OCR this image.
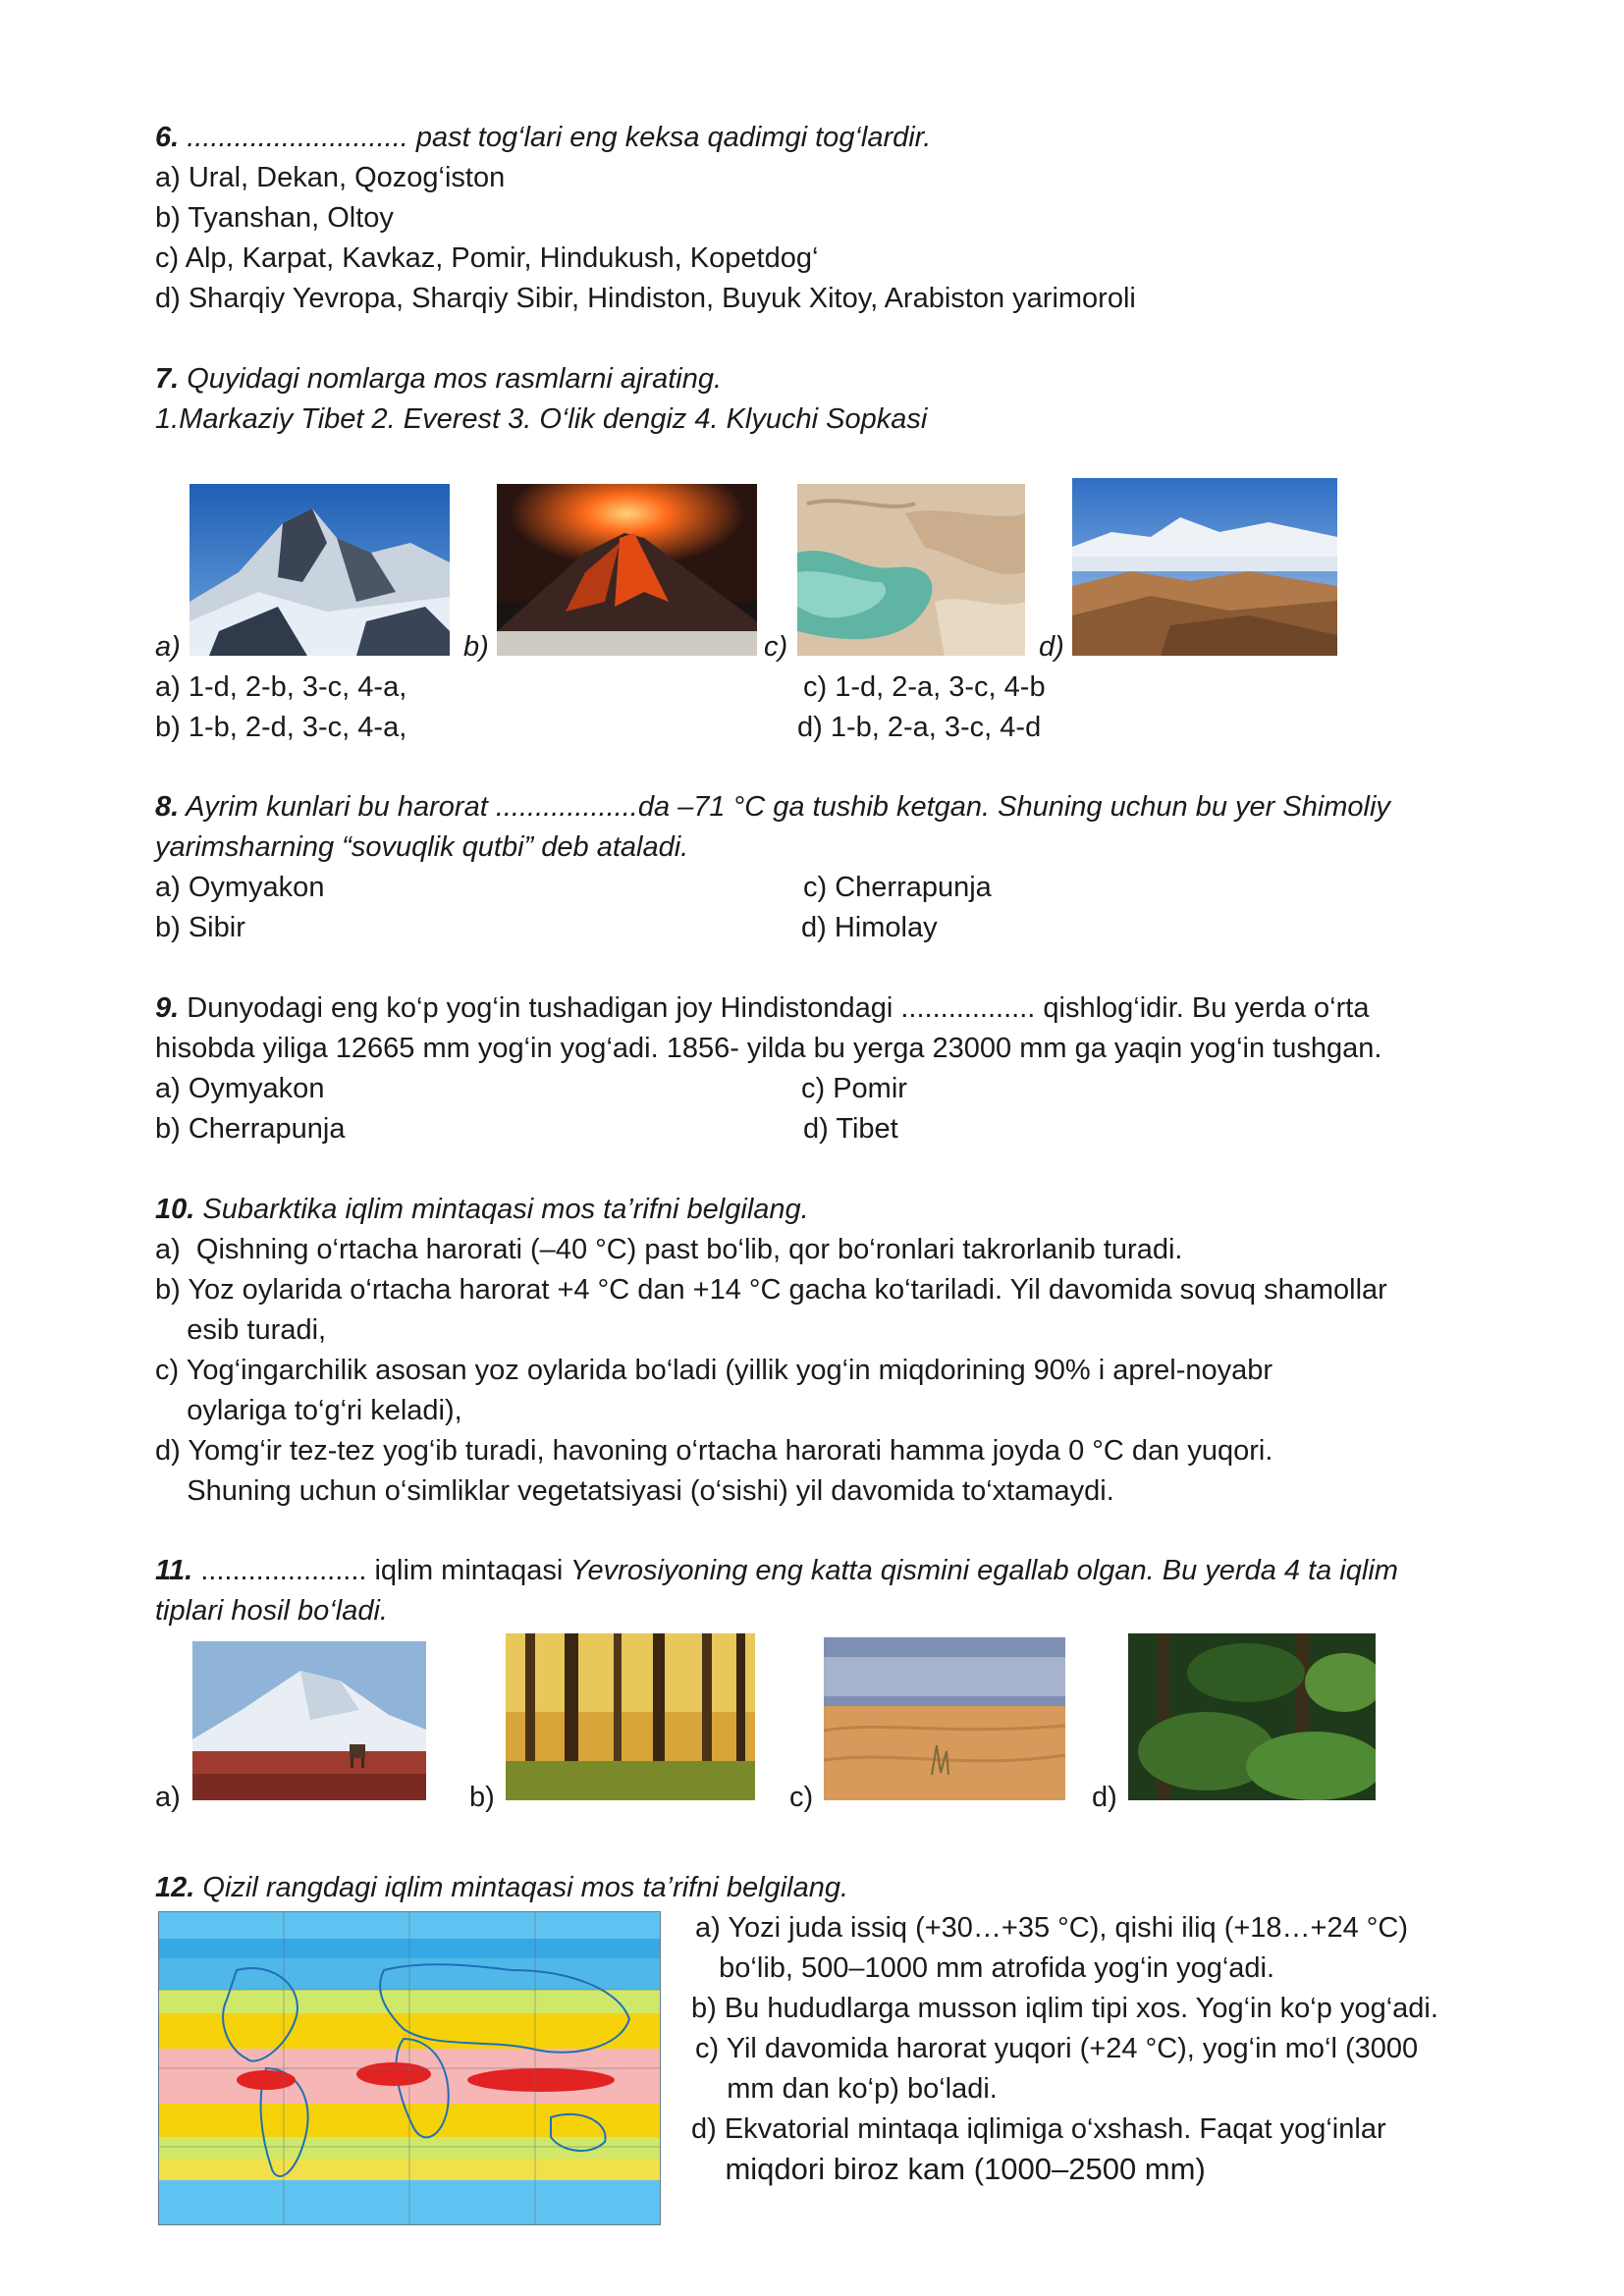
6. ............................ past tog‘lari eng keksa qadimgi tog‘lardir.
a) Ural, Dekan, Qozog‘iston
b) Tyanshan, Oltoy
c) Alp, Karpat, Kavkaz, Pomir, Hindukush, Kopetdog‘
d) Sharqiy Yevropa, Sharqiy Sibir, Hindiston, Buyuk Xitoy, Arabiston yarimoroli
7. Quyidagi nomlarga mos rasmlarni ajrating.
1.Markaziy Tibet 2. Everest 3. O‘lik dengiz 4. Klyuchi Sopkasi
a)	b)	c)	d)
a) 1-d, 2-b, 3-c, 4-a,	c) 1-d, 2-a, 3-c, 4-b
b) 1-b, 2-d, 3-c, 4-a,	d) 1-b, 2-a, 3-c, 4-d
8. Ayrim kunlari bu harorat ..................da –71 °C ga tushib ketgan. Shuning uchun bu yer Shimoliy
yarimsharning “sovuqlik qutbi” deb ataladi.
a) Oymyakon	c) Cherrapunja
b) Sibir	d) Himolay
9. Dunyodagi eng ko‘p yog‘in tushadigan joy Hindistondagi ................. qishlog‘idir. Bu yerda o‘rta
hisobda yiliga 12665 mm yog‘in yog‘adi. 1856- yilda bu yerga 23000 mm ga yaqin yog‘in tushgan.
a) Oymyakon	c) Pomir
b) Cherrapunja	d) Tibet
10. Subarktika iqlim mintaqasi mos ta’rifni belgilang.
a)  Qishning o‘rtacha harorati (–40 °C) past bo‘lib, qor bo‘ronlari takrorlanib turadi.
b) Yoz oylarida o‘rtacha harorat +4 °C dan +14 °C gacha ko‘tariladi. Yil davomida sovuq shamollar
esib turadi,
c) Yog‘ingarchilik asosan yoz oylarida bo‘ladi (yillik yog‘in miqdorining 90% i aprel-noyabr
oylariga to‘g‘ri keladi),
d) Yomg‘ir tez-tez yog‘ib turadi, havoning o‘rtacha harorati hamma joyda 0 °C dan yuqori.
Shuning uchun o‘simliklar vegetatsiyasi (o‘sishi) yil davomida to‘xtamaydi.
11. ..................... iqlim mintaqasi Yevrosiyoning eng katta qismini egallab olgan. Bu yerda 4 ta iqlim
tiplari hosil bo‘ladi.
a)	b)	c)	d)
12. Qizil rangdagi iqlim mintaqasi mos ta’rifni belgilang.
a) Yozi juda issiq (+30…+35 °C), qishi iliq (+18…+24 °C)
bo‘lib, 500–1000 mm atrofida yog‘in yog‘adi.
b) Bu hududlarga musson iqlim tipi xos. Yog‘in ko‘p yog‘adi.
c) Yil davomida harorat yuqori (+24 °C), yog‘in mo‘l (3000
mm dan ko‘p) bo‘ladi.
d) Ekvatorial mintaqa iqlimiga o‘xshash. Faqat yog‘inlar
miqdori biroz kam (1000–2500 mm)
